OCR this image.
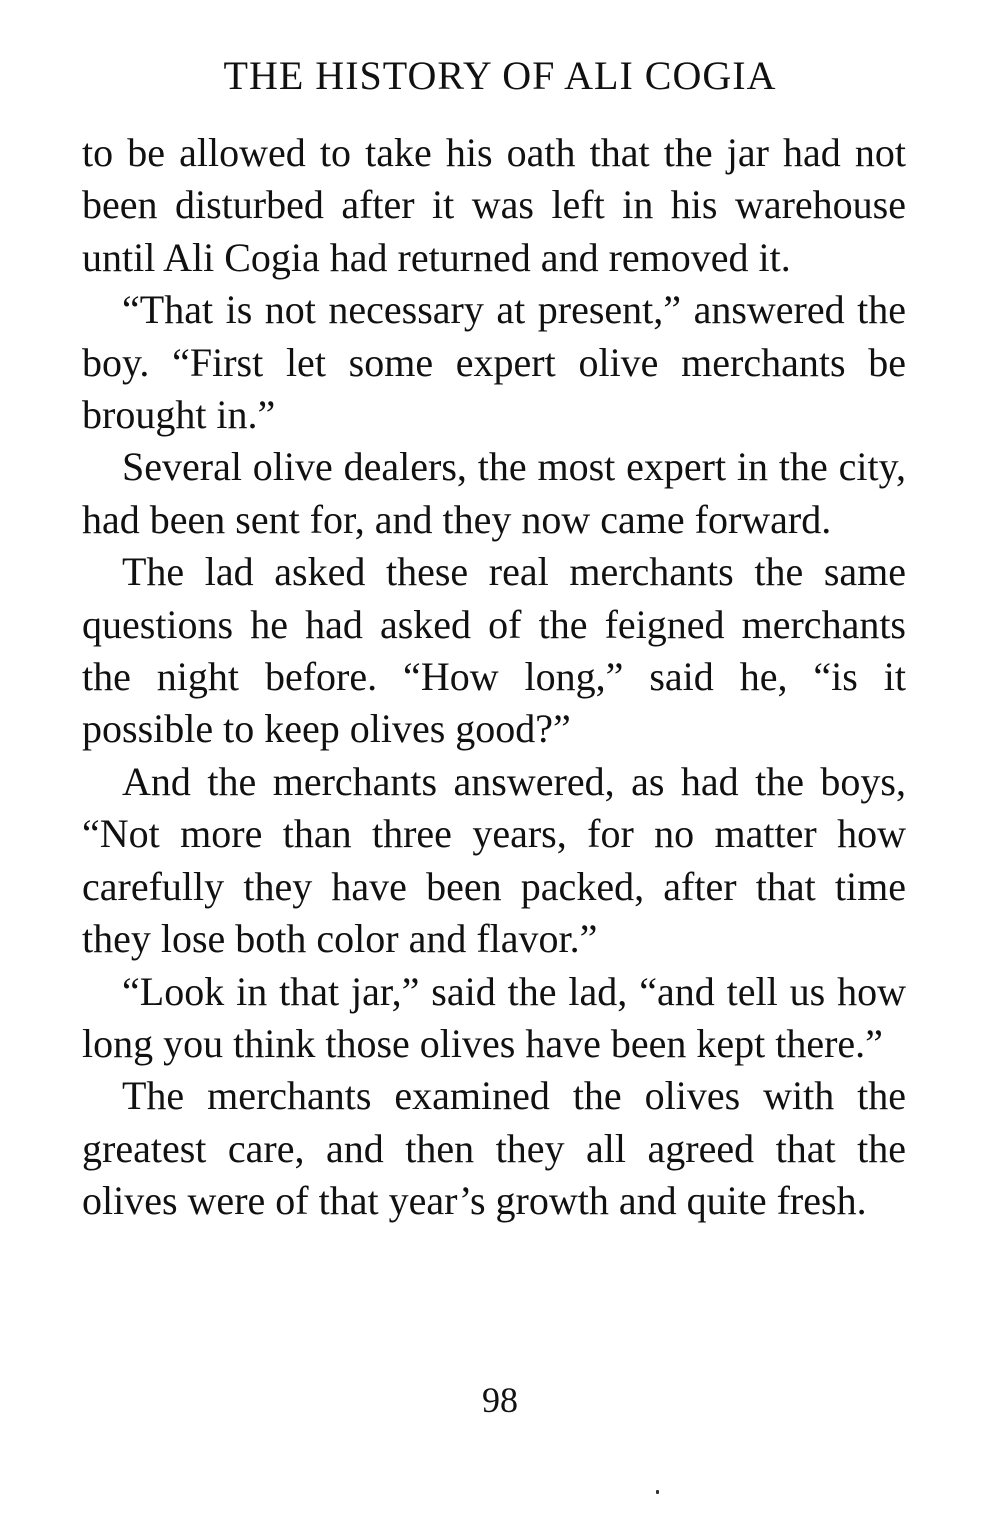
THE HISTORY OF ALI COGIA

to be allowed to take his oath that the jar had not been disturbed after it was left in his warehouse until Ali Cogia had returned and removed it.

“That is not necessary at present,” answered the boy. “First let some expert olive merchants be brought in.”

Several olive dealers, the most expert in the city, had been sent for, and they now came forward.

The lad asked these real merchants the same questions he had asked of the feigned merchants the night before. “How long,” said he, “is it possible to keep olives good?”

And the merchants answered, as had the boys, “Not more than three years, for no matter how carefully they have been packed, after that time they lose both color and flavor.”

“Look in that jar,” said the lad, “and tell us how long you think those olives have been kept there.”

The merchants examined the olives with the greatest care, and then they all agreed that the olives were of that year’s growth and quite fresh.

98
